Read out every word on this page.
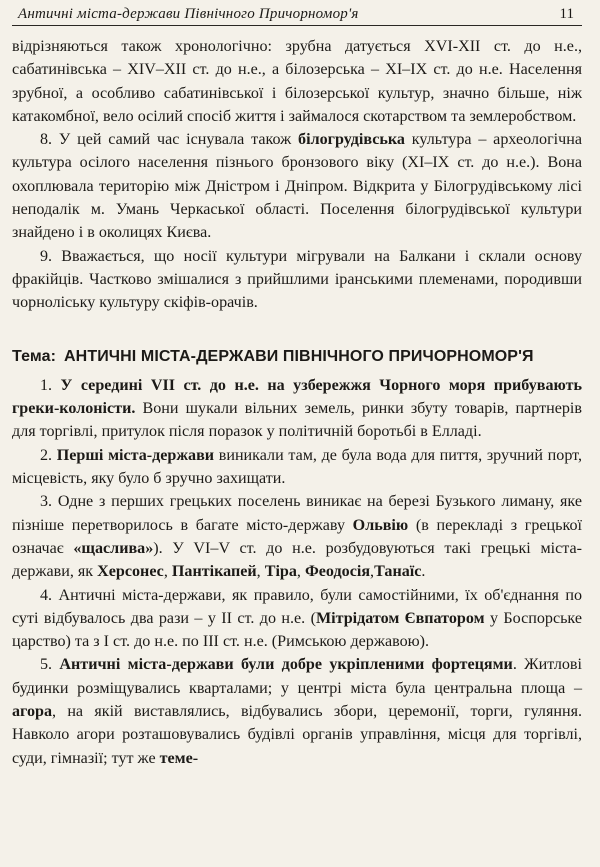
Античні міста-держави Північного Причорномор'я	11

відрізняються також хронологічно: зрубна датується XVI-XII ст. до н.е., сабатинівська – XIV–XII ст. до н.е., а білозерська – XI–IX ст. до н.е. Населення зрубної, а особливо сабатинівської і білозерської культур, значно більше, ніж катакомбної, вело осілий спосіб життя і займалося скотарством та землеробством.

8. У цей самий час існувала також білогрудівська культура – археологічна культура осілого населення пізнього бронзового віку (XI–IX ст. до н.е.). Вона охоплювала територію між Дністром і Дніпром. Відкрита у Білогрудівському лісі неподалік м. Умань Черкаської області. Поселення білогрудівської культури знайдено і в околицях Києва.

9. Вважається, що носії культури мігрували на Балкани і склали основу фракійців. Частково змішалися з прийшлими іранськими племенами, породивши чорноліську культуру скіфів-орачів.

Тема: АНТИЧНІ МІСТА-ДЕРЖАВИ ПІВНІЧНОГО ПРИЧОРНОМОР'Я

1. У середині VII ст. до н.е. на узбережжя Чорного моря прибувають греки-колоністи. Вони шукали вільних земель, ринки збуту товарів, партнерів для торгівлі, притулок після поразок у політичній боротьбі в Елладі.

2. Перші міста-держави виникали там, де була вода для пиття, зручний порт, місцевість, яку було б зручно захищати.

3. Одне з перших грецьких поселень виникає на березі Бузького лиману, яке пізніше перетворилось в багате місто-державу Ольвію (в перекладі з грецької означає «щаслива»). У VI–V ст. до н.е. розбудовуються такі грецькі міста-держави, як Херсонес, Пантікапей, Тіра, Феодосія,Танаїс.

4. Античні міста-держави, як правило, були самостійними, їх об'єднання по суті відбувалось два рази – у II ст. до н.е. (Мітрідатом Євпатором у Боспорське царство) та з I ст. до н.е. по III ст. н.е. (Римською державою).

5. Античні міста-держави були добре укріпленими фортецями. Житлові будинки розміщувались кварталами; у центрі міста була центральна площа – агора, на якій виставлялись, відбувались збори, церемонії, торги, гуляння. Навколо агори розташовувались будівлі органів управління, місця для торгівлі, суди, гімназії; тут же теме-
